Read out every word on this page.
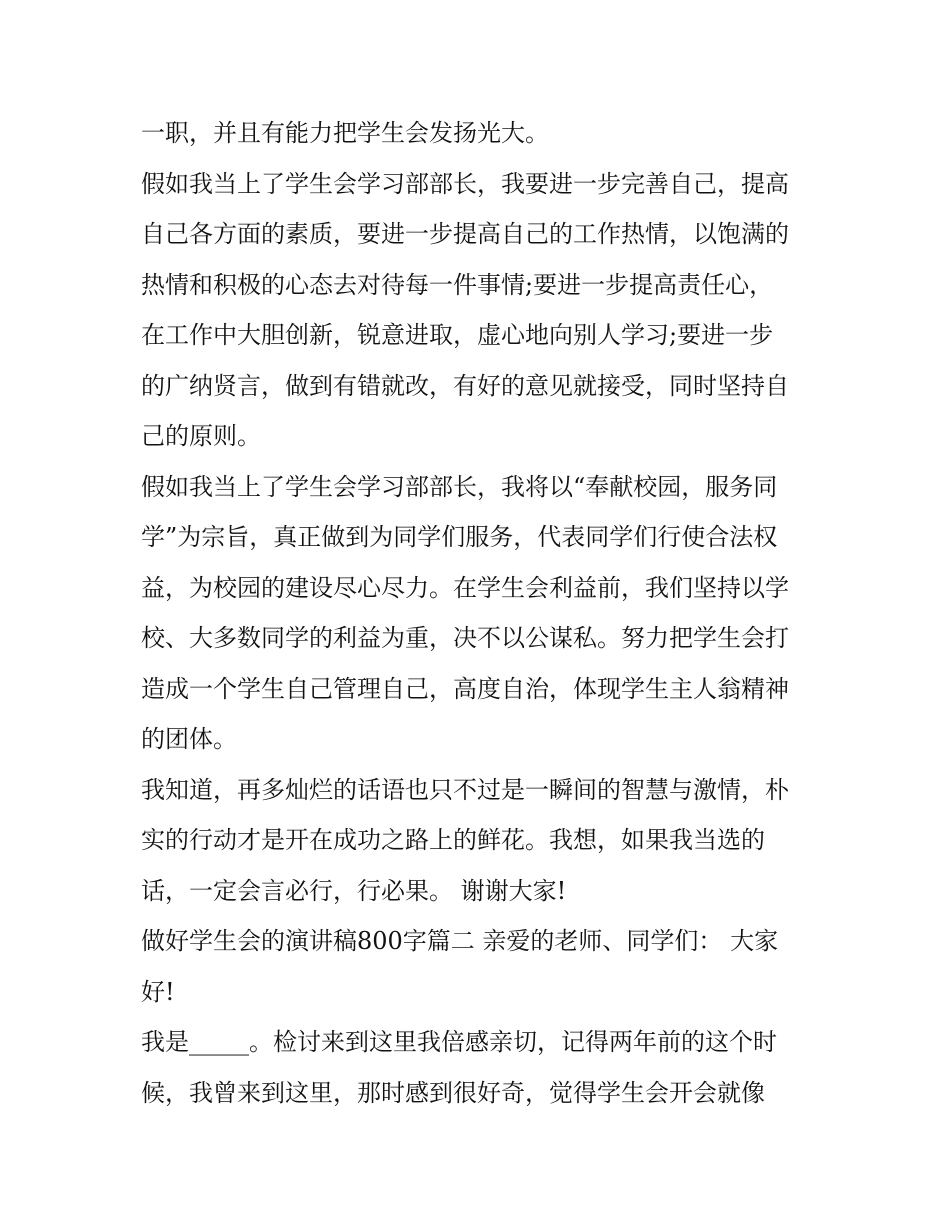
一职，并且有能力把学生会发扬光大。
假如我当上了学生会学习部部长，我要进一步完善自己，提高
自己各方面的素质，要进一步提高自己的工作热情，以饱满的
热情和积极的心态去对待每一件事情;要进一步提高责任心，
在工作中大胆创新，锐意进取，虚心地向别人学习;要进一步
的广纳贤言，做到有错就改，有好的意见就接受，同时坚持自
己的原则。
假如我当上了学生会学习部部长，我将以“奉献校园，服务同
学”为宗旨，真正做到为同学们服务，代表同学们行使合法权
益，为校园的建设尽心尽力。在学生会利益前，我们坚持以学
校、大多数同学的利益为重，决不以公谋私。努力把学生会打
造成一个学生自己管理自己，高度自治，体现学生主人翁精神
的团体。
我知道，再多灿烂的话语也只不过是一瞬间的智慧与激情，朴
实的行动才是开在成功之路上的鲜花。我想，如果我当选的
话，一定会言必行，行必果。 谢谢大家!
做好学生会的演讲稿800字篇二 亲爱的老师、同学们： 大家
好!
我是_____。检讨来到这里我倍感亲切，记得两年前的这个时
候，我曾来到这里，那时感到很好奇，觉得学生会开会就像
